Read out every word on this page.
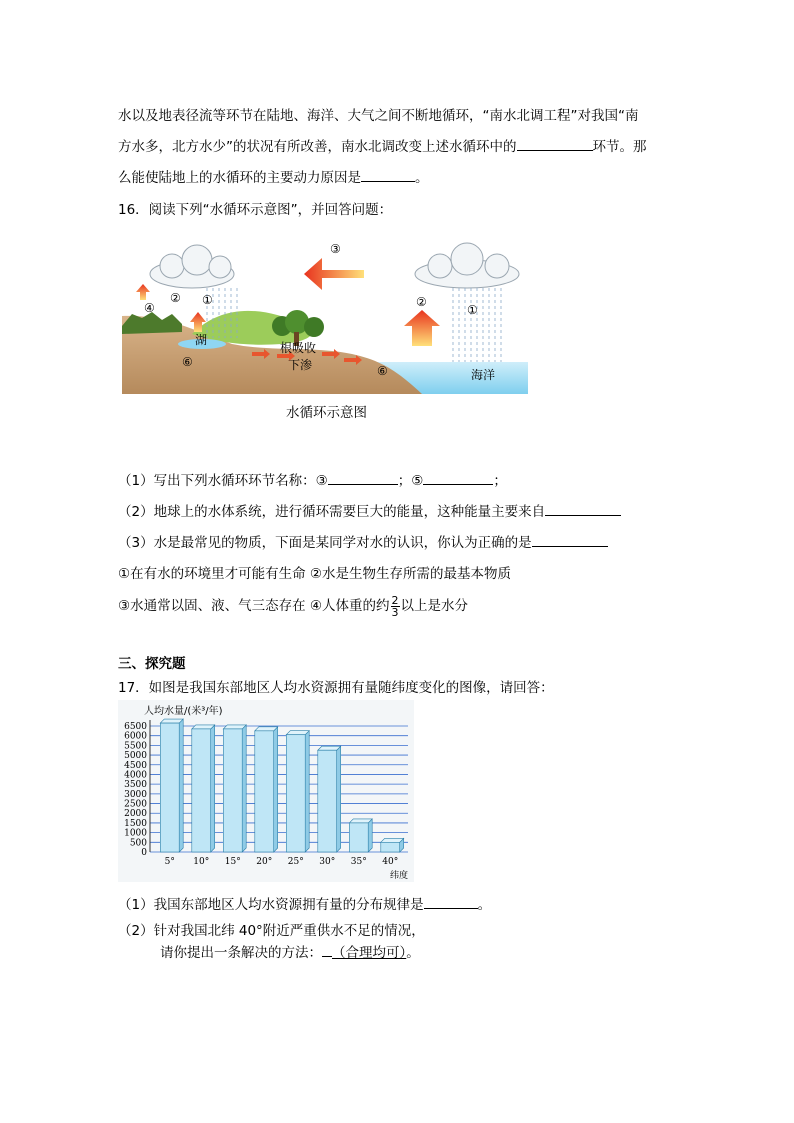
水以及地表径流等环节在陆地、海洋、大气之间不断地循环，“南水北调工程”对我国“南
方水多，北方水少”的状况有所改善，南水北调改变上述水循环中的	环节。那
么能使陆地上的水循环的主要动力原因是	。
16．阅读下列“水循环示意图”，并回答问题：
③
② ①
④	②
①
⑥
⑥
湖
根吸收
下渗
海洋
水循环示意图
（1）写出下列水循环环节名称：③	；⑤	；
（2）地球上的水体系统，进行循环需要巨大的能量，这种能量主要来自
（3）水是最常见的物质，下面是某同学对水的认识，你认为正确的是
①在有水的环境里才可能有生命 ②水是生物生存所需的最基本物质
③水通常以固、液、气三态存在 ④人体重的约 $\frac{2}{3}$ 以上是水分
三、探究题
17．如图是我国东部地区人均水资源拥有量随纬度变化的图像，请回答：
0
500
1000
1500
2000
2500
3000
3500
4000
4500
5000
5500
6000
6500
5° 10° 15° 20° 25° 30° 35° 40°
人均水量/(米³/年)
纬度
（1）我国东部地区人均水资源拥有量的分布规律是	。
（2）针对我国北纬 40°附近严重供水不足的情况，
请你提出一条解决的方法： （合理均可）。
